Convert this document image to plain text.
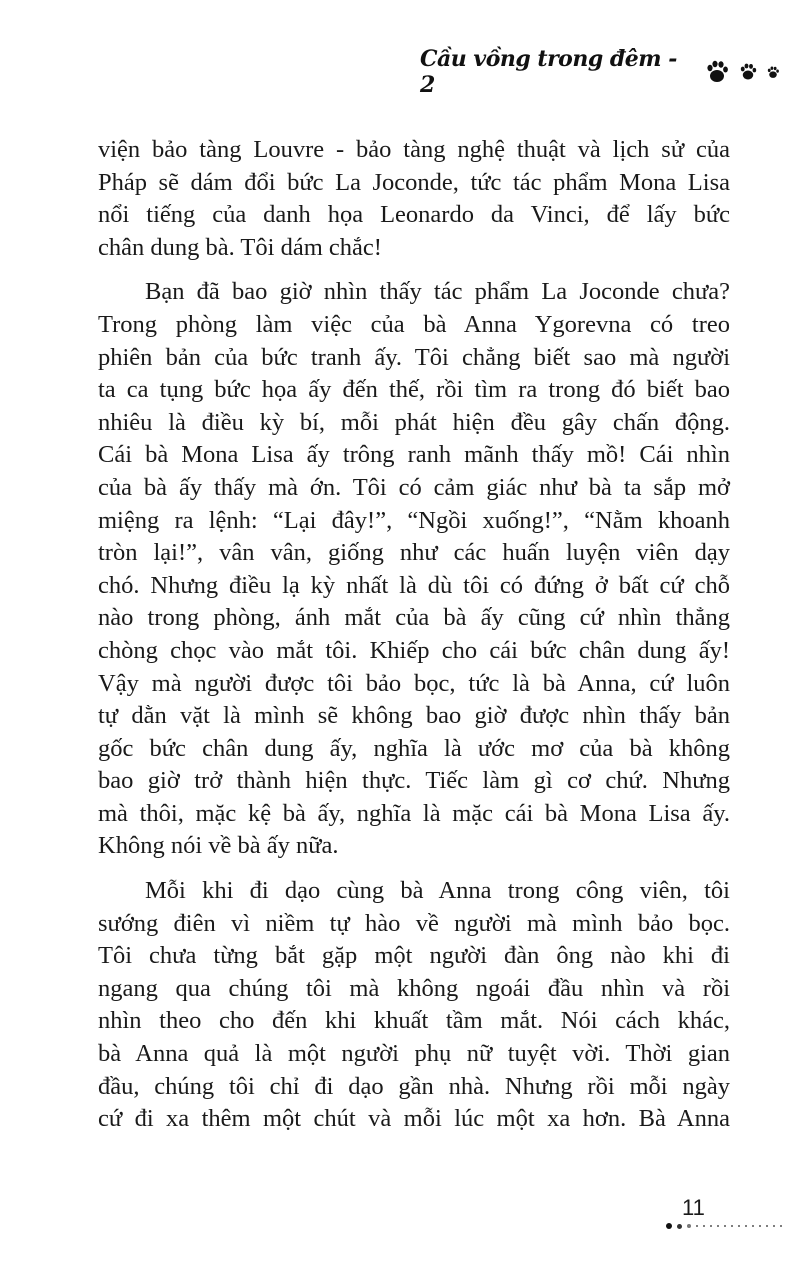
Cầu vồng trong đêm - 2

viện bảo tàng Louvre - bảo tàng nghệ thuật và lịch sử của
Pháp sẽ dám đổi bức La Joconde, tức tác phẩm Mona Lisa
nổi tiếng của danh họa Leonardo da Vinci, để lấy bức
chân dung bà. Tôi dám chắc!

Bạn đã bao giờ nhìn thấy tác phẩm La Joconde chưa?
Trong phòng làm việc của bà Anna Ygorevna có treo
phiên bản của bức tranh ấy. Tôi chẳng biết sao mà người
ta ca tụng bức họa ấy đến thế, rồi tìm ra trong đó biết bao
nhiêu là điều kỳ bí, mỗi phát hiện đều gây chấn động.
Cái bà Mona Lisa ấy trông ranh mãnh thấy mồ! Cái nhìn
của bà ấy thấy mà ớn. Tôi có cảm giác như bà ta sắp mở
miệng ra lệnh: “Lại đây!”, “Ngồi xuống!”, “Nằm khoanh
tròn lại!”, vân vân, giống như các huấn luyện viên dạy
chó. Nhưng điều lạ kỳ nhất là dù tôi có đứng ở bất cứ chỗ
nào trong phòng, ánh mắt của bà ấy cũng cứ nhìn thẳng
chòng chọc vào mắt tôi. Khiếp cho cái bức chân dung ấy!
Vậy mà người được tôi bảo bọc, tức là bà Anna, cứ luôn
tự dằn vặt là mình sẽ không bao giờ được nhìn thấy bản
gốc bức chân dung ấy, nghĩa là ước mơ của bà không
bao giờ trở thành hiện thực. Tiếc làm gì cơ chứ. Nhưng
mà thôi, mặc kệ bà ấy, nghĩa là mặc cái bà Mona Lisa ấy.
Không nói về bà ấy nữa.

Mỗi khi đi dạo cùng bà Anna trong công viên, tôi
sướng điên vì niềm tự hào về người mà mình bảo bọc.
Tôi chưa từng bắt gặp một người đàn ông nào khi đi
ngang qua chúng tôi mà không ngoái đầu nhìn và rồi
nhìn theo cho đến khi khuất tầm mắt. Nói cách khác,
bà Anna quả là một người phụ nữ tuyệt vời. Thời gian
đầu, chúng tôi chỉ đi dạo gần nhà. Nhưng rồi mỗi ngày
cứ đi xa thêm một chút và mỗi lúc một xa hơn. Bà Anna

11
